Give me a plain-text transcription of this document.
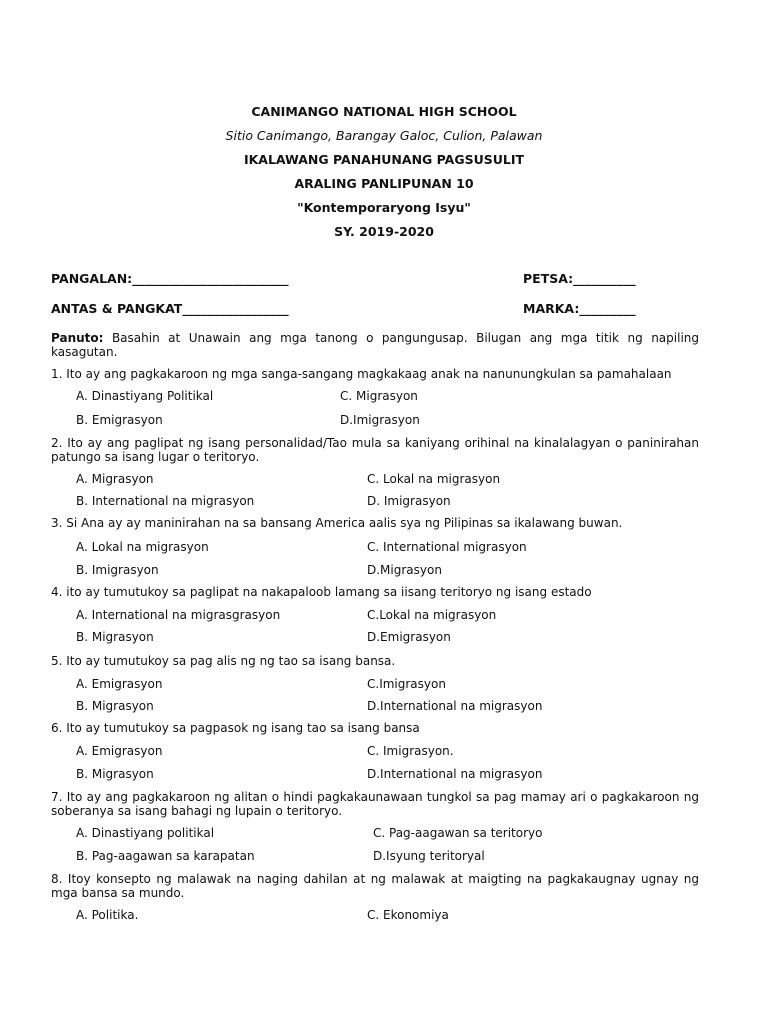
CANIMANGO NATIONAL HIGH SCHOOL
Sitio Canimango, Barangay Galoc, Culion, Palawan
IKALAWANG PANAHUNANG PAGSUSULIT
ARALING PANLIPUNAN 10
"Kontemporaryong Isyu"
SY. 2019-2020
PANGALAN:_________________________	PETSA:__________
ANTAS & PANGKAT_________________	MARKA:_________
Panuto: Basahin at Unawain ang mga tanong o pangungusap. Bilugan ang mga titik ng napiling kasagutan.
1. Ito ay ang pagkakaroon ng mga sanga-sangang magkakaag anak na nanunungkulan sa pamahalaan
A. Dinastiyang Politikal	C. Migrasyon
B. Emigrasyon	D.Imigrasyon
2. Ito ay ang paglipat ng isang personalidad/Tao mula sa kaniyang orihinal na kinalalagyan o paninirahan patungo sa isang lugar o teritoryo.
A. Migrasyon	C. Lokal na migrasyon
B. International na migrasyon	D. Imigrasyon
3. Si Ana ay ay maninirahan na sa bansang America aalis sya ng Pilipinas sa ikalawang buwan.
A. Lokal na migrasyon	C. International migrasyon
B. Imigrasyon	D.Migrasyon
4. ito ay tumutukoy sa paglipat na nakapaloob lamang sa iisang teritoryo ng isang estado
A. International na migrasgrasyon	C.Lokal na migrasyon
B. Migrasyon	D.Emigrasyon
5. Ito ay tumutukoy sa pag alis ng ng tao sa isang bansa.
A. Emigrasyon	C.Imigrasyon
B. Migrasyon	D.International na migrasyon
6. Ito ay tumutukoy sa pagpasok ng isang tao sa isang bansa
A. Emigrasyon	C. Imigrasyon.
B. Migrasyon	D.International na migrasyon
7. Ito ay ang pagkakaroon ng alitan o hindi pagkakaunawaan tungkol sa pag mamay ari o pagkakaroon ng soberanya sa isang bahagi ng lupain o teritoryo.
A. Dinastiyang politikal	C. Pag-aagawan sa teritoryo
B. Pag-aagawan sa karapatan	D.Isyung teritoryal
8. Itoy konsepto ng malawak na naging dahilan at ng malawak at maigting na pagkakaugnay ugnay ng mga bansa sa mundo.
A. Politika.	C. Ekonomiya
